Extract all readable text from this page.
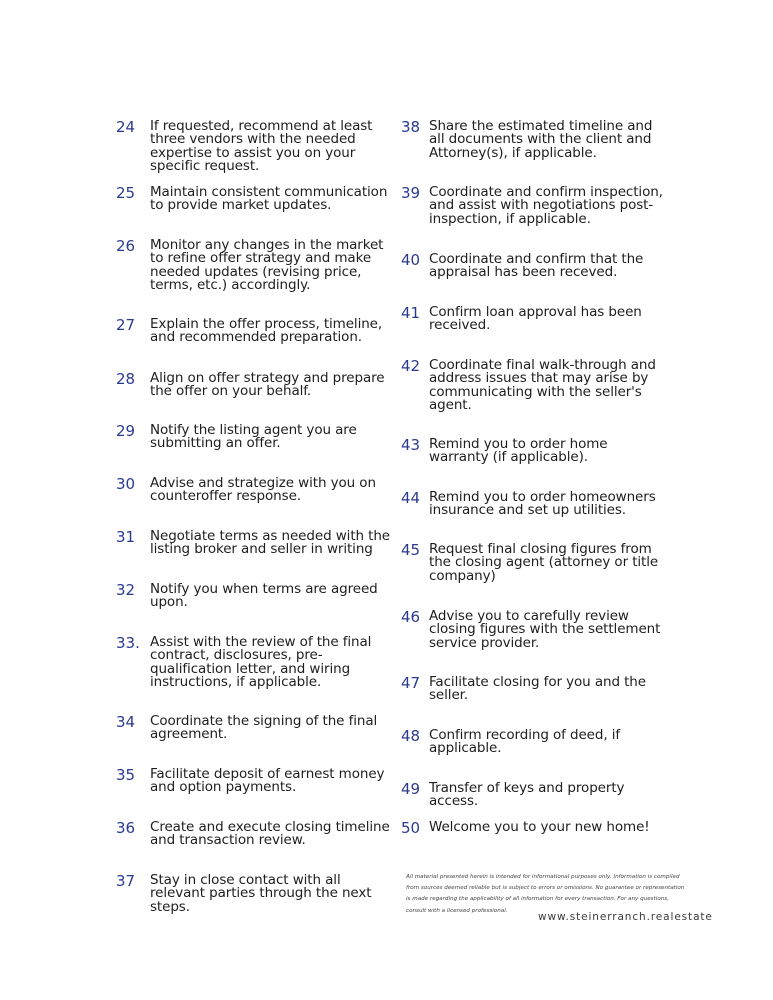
24 If requested, recommend at least three vendors with the needed expertise to assist you on your specific request.
25 Maintain consistent communication to provide market updates.
26 Monitor any changes in the market to refine offer strategy and make needed updates (revising price, terms, etc.) accordingly.
27 Explain the offer process, timeline, and recommended preparation.
28 Align on offer strategy and prepare the offer on your behalf.
29 Notify the listing agent you are submitting an offer.
30 Advise and strategize with you on counteroffer response.
31 Negotiate terms as needed with the listing broker and seller in writing
32 Notify you when terms are agreed upon.
33. Assist with the review of the final contract, disclosures, pre-qualification letter, and wiring instructions, if applicable.
34 Coordinate the signing of the final agreement.
35 Facilitate deposit of earnest money and option payments.
36 Create and execute closing timeline and transaction review.
37 Stay in close contact with all relevant parties through the next steps.
38 Share the estimated timeline and all documents with the client and Attorney(s), if applicable.
39 Coordinate and confirm inspection, and assist with negotiations post-inspection, if applicable.
40 Coordinate and confirm that the appraisal has been receved.
41 Confirm loan approval has been received.
42 Coordinate final walk-through and address issues that may arise by communicating with the seller's agent.
43 Remind you to order home warranty (if applicable).
44 Remind you to order homeowners insurance and set up utilities.
45 Request final closing figures from the closing agent (attorney or title company)
46 Advise you to carefully review closing figures with the settlement service provider.
47 Facilitate closing for you and the seller.
48 Confirm recording of deed, if applicable.
49 Transfer of keys and property access.
50 Welcome you to your new home!
All material presented herein is intended for informational purposes only. Information is compiled from sources deemed reliable but is subject to errors or omissions. No guarantee or representation is made regarding the applicability of all information for every transaction. For any questions, consult with a licensed professional.
www.steinerranch.realestate
